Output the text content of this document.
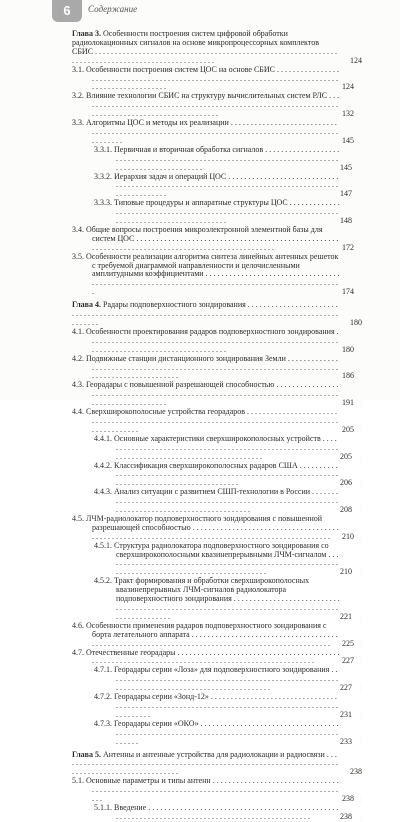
6	Содержание
Глава 3. Особенности построения систем цифровой обработки радиолокационных сигналов на основе микропроцессорных комплектов СБИС . . .
124
3.1. Особенности построения систем ЦОС на основе СБИС . . .
124
3.2. Влияние технологии СБИС на структуру вычислительных систем РЛС . . .
132
3.3. Алгоритмы ЦОС и методы их реализации . . .
145
3.3.1. Первичная и вторичная обработка сигналов . . .
145
3.3.2. Иерархия задач и операций ЦОС . . .
147
3.3.3. Типовые процедуры и аппаратные структуры ЦОС . . .
148
3.4. Общие вопросы построения микроэлектронной элементной базы для систем ЦОС . . .
172
3.5. Особенности реализации алгоритма синтеза линейных антенных решеток с требуемой диаграммой направленности и целочисленными амплитудными коэффициентами . . .
174
Глава 4. Радары подповерхностного зондирования . . .
180
4.1. Особенности проектирования радаров подповерхностного зондирования . . .
180
4.2. Подвижные станции дистанционного зондирования Земли . . .
186
4.3. Георадары с повышенной разрешающей способностью . . .
191
4.4. Сверхширокополосные устройства георадаров . . .
205
4.4.1. Основные характеристики сверхширокополосных устройств . . .
205
4.4.2. Классификация сверхширокополосных радаров США . . .
206
4.4.3. Анализ ситуации с развитием СШП-технологии в России . . .
208
4.5. ЛЧМ-радиолокатор подповерхностного зондирования с повышенной разрешающей способностью . . .
210
4.5.1. Структура радиолокатора подповерхностного зондирования со сверхширокополосными квазинепрерывными ЛЧМ-сигналом . . .
210
4.5.2. Тракт формирования и обработки сверхширокополосных квазинепрерывных ЛЧМ-сигналов радиолокатора подповерхностного зондирования . . .
221
4.6. Особенности применения радаров подповерхностного зондирования с борта летательного аппарата . . .
225
4.7. Отечественные георадары . . .
227
4.7.1. Георадары серии «Лоза» для подповерхностного зондирования . . .
227
4.7.2. Георадары серии «Зонд-12» . . .
231
4.7.3. Георадары серии «ОКО» . . .
233
Глава 5. Антенны и антенные устройства для радиолокации и радиосвязи . . .
238
5.1. Основные параметры и типы антенн . . .
238
5.1.1. Введение . . .
238
